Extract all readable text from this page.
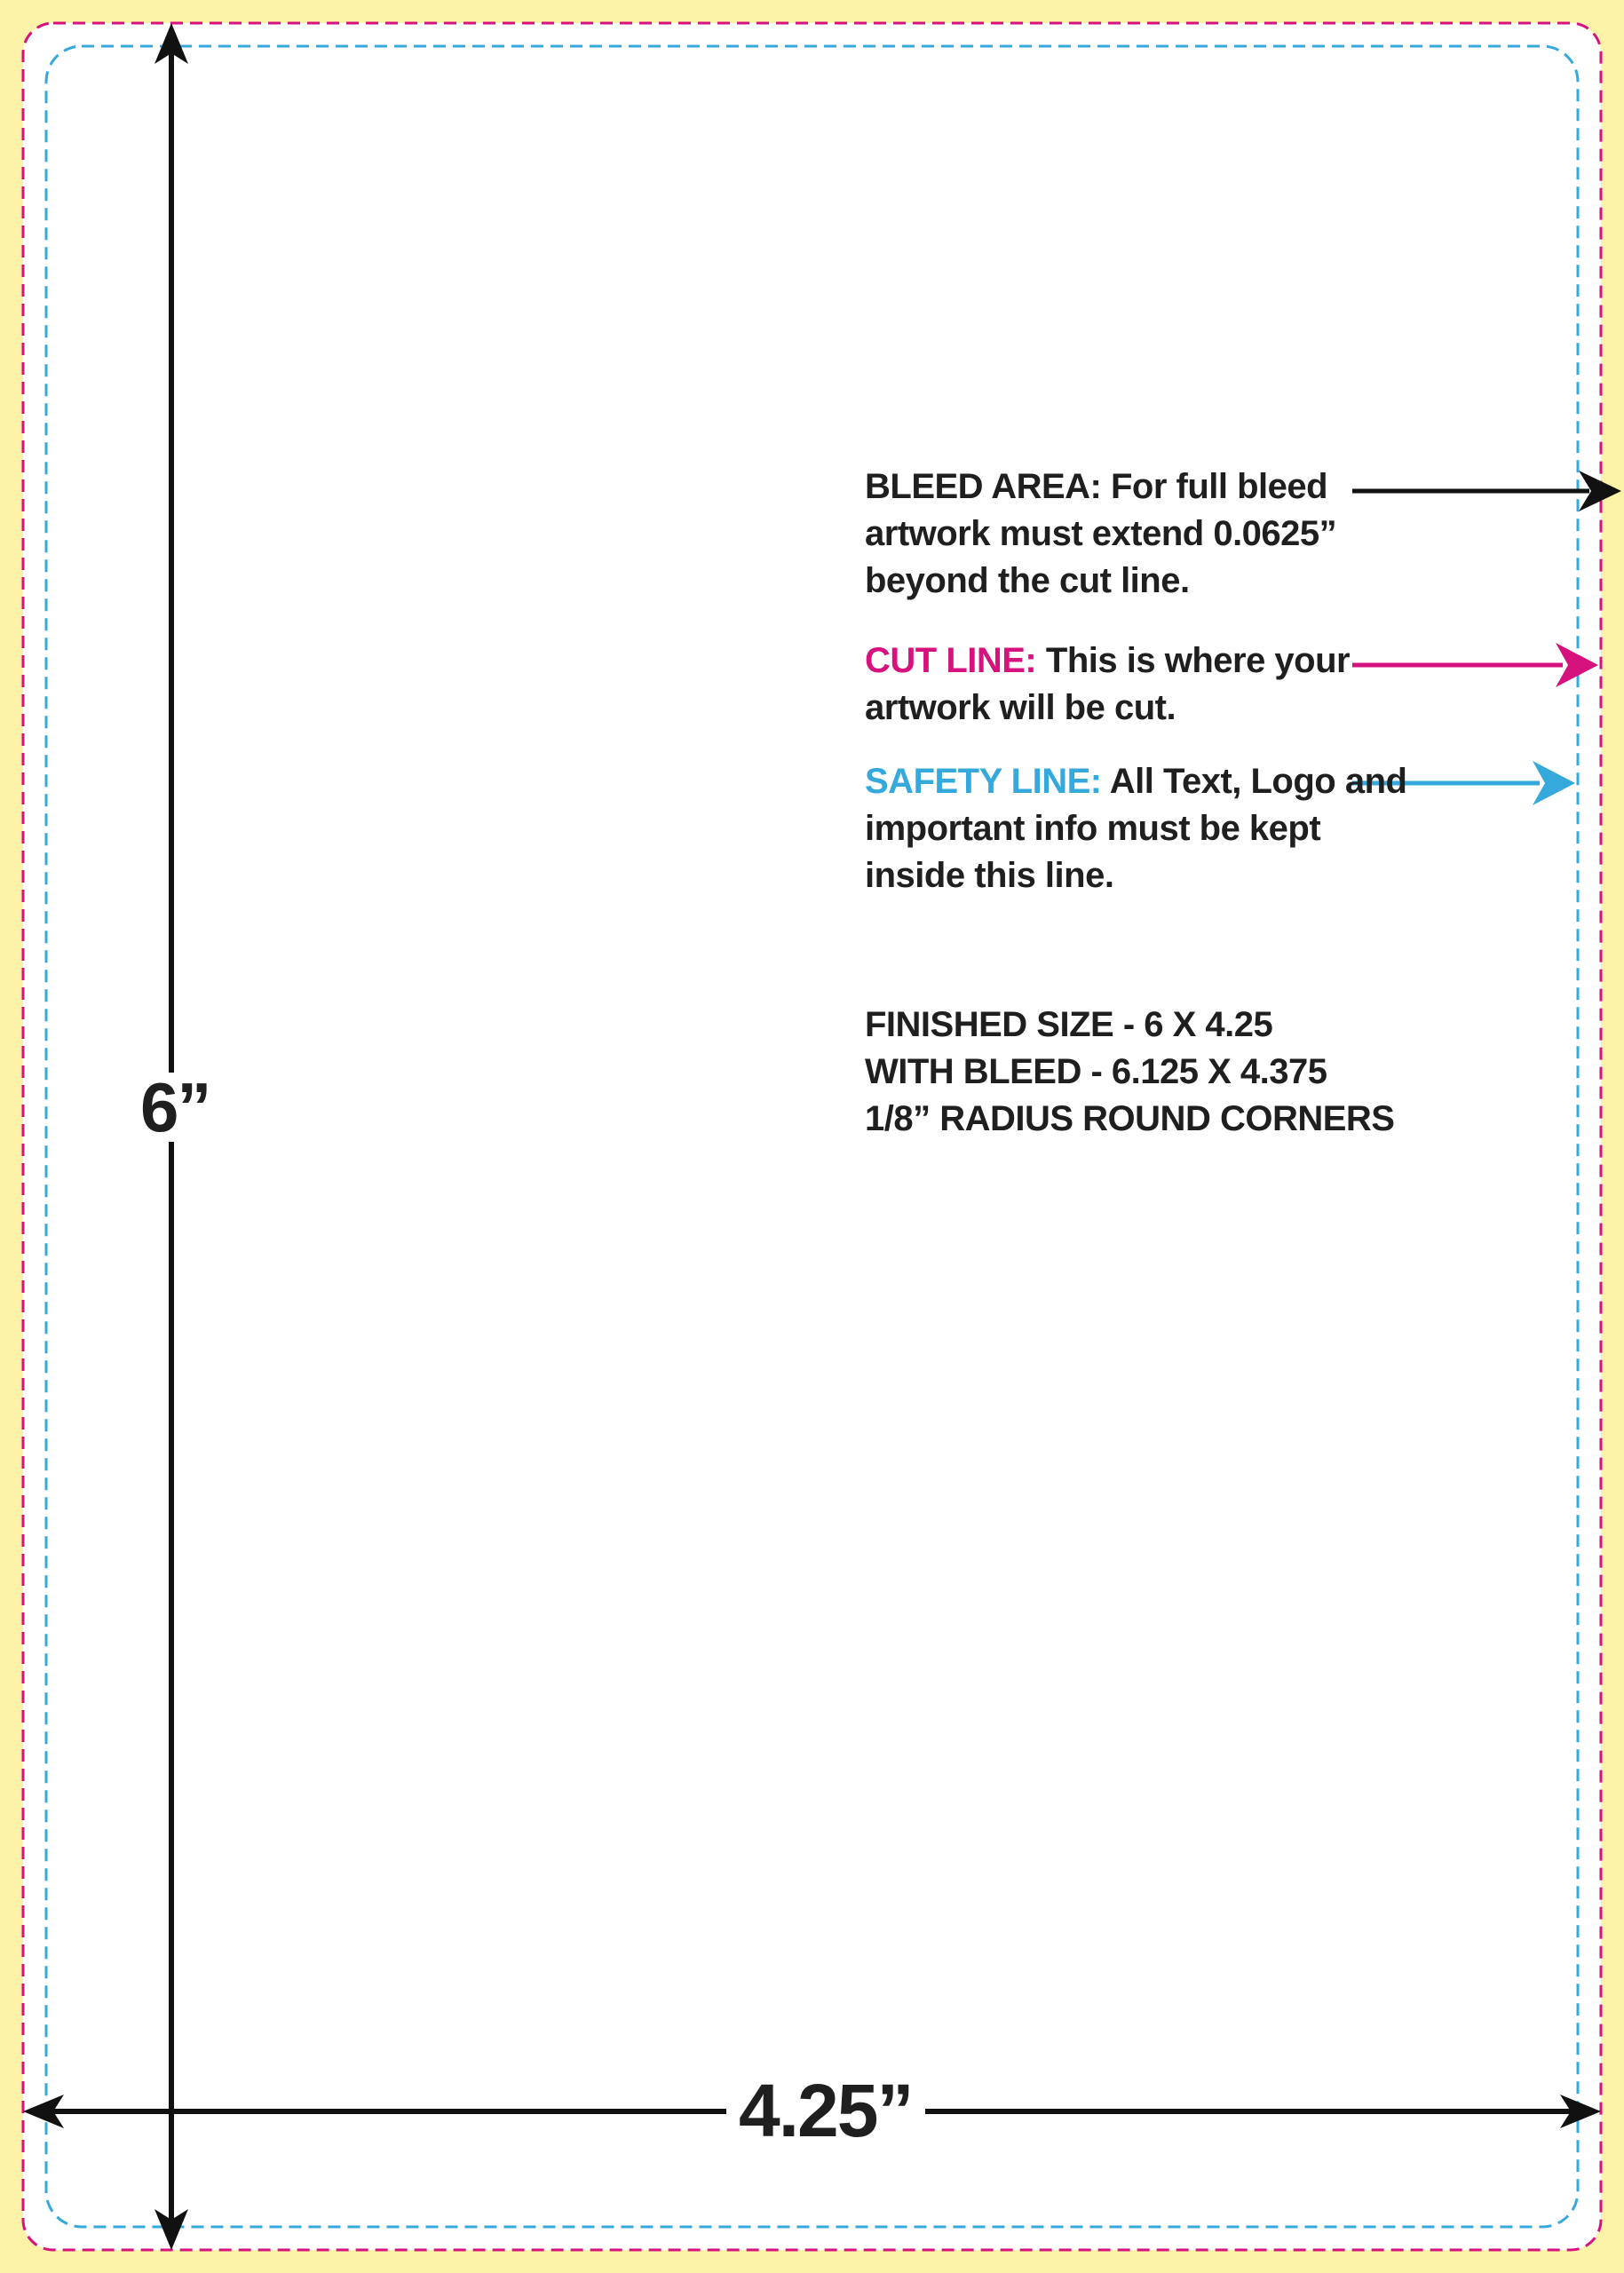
BLEED AREA: For full bleed
artwork must extend 0.0625”
beyond the cut line.
CUT LINE: This is where your
artwork will be cut.
SAFETY LINE: All Text, Logo and
important info must be kept
inside this line.
FINISHED SIZE - 6 X 4.25
WITH BLEED - 6.125 X 4.375
1/8” RADIUS ROUND CORNERS
6”
4.25”
